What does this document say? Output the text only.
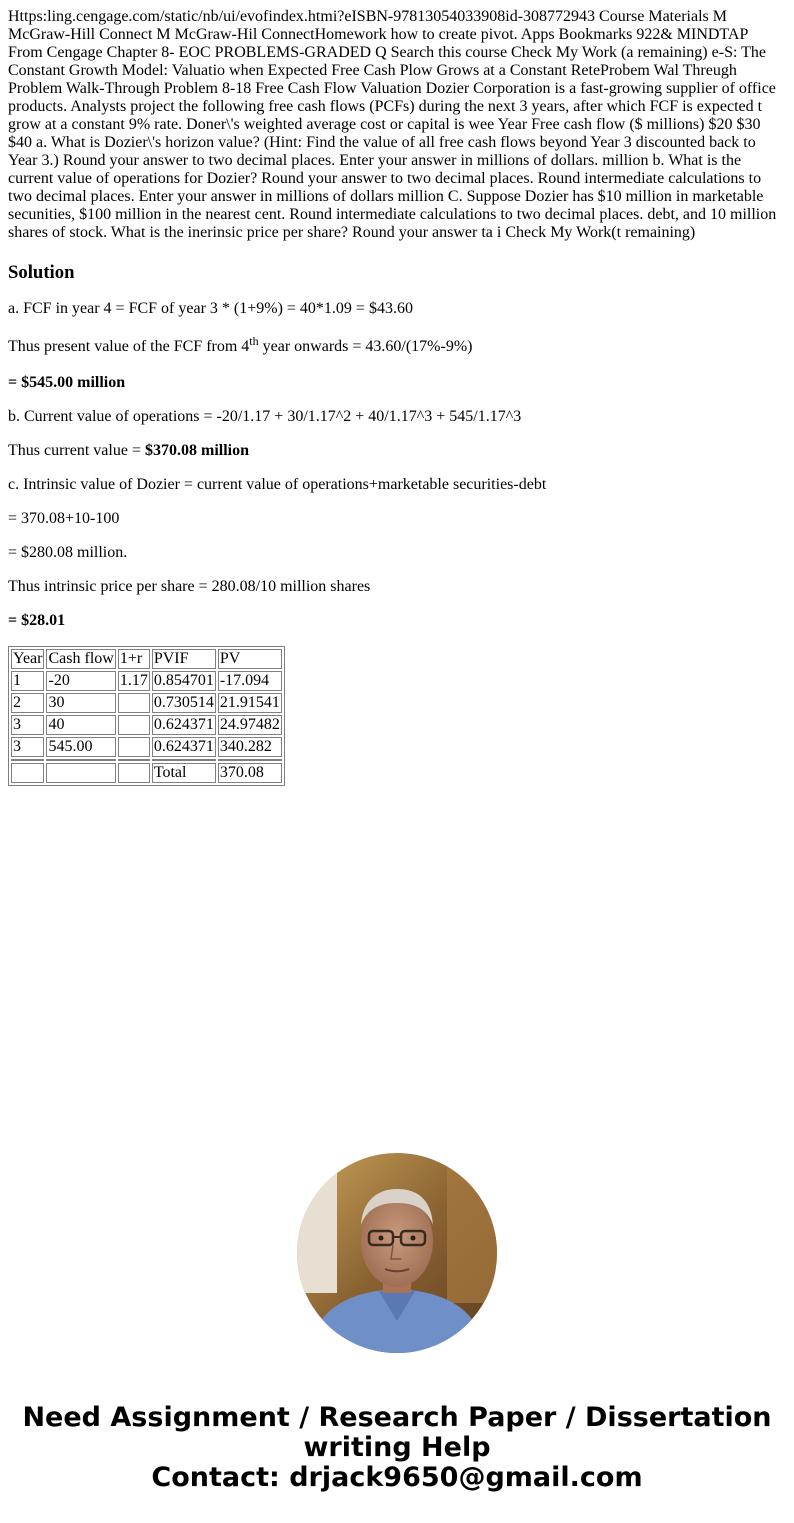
Https:ling.cengage.com/static/nb/ui/evofindex.htmi?eISBN-97813054033908id-308772943 Course Materials M McGraw-Hill Connect M McGraw-Hil ConnectHomework how to create pivot. Apps Bookmarks 922& MINDTAP From Cengage Chapter 8- EOC PROBLEMS-GRADED Q Search this course Check My Work (a remaining) e-S: The Constant Growth Model: Valuatio when Expected Free Cash Plow Grows at a Constant ReteProbem Wal Threugh Problem Walk-Through Problem 8-18 Free Cash Flow Valuation Dozier Corporation is a fast-growing supplier of office products. Analysts project the following free cash flows (PCFs) during the next 3 years, after which FCF is expected t grow at a constant 9% rate. Doner\'s weighted average cost or capital is wee Year Free cash flow ($ millions) $20 $30 $40 a. What is Dozier\'s horizon value? (Hint: Find the value of all free cash flows beyond Year 3 discounted back to Year 3.) Round your answer to two decimal places. Enter your answer in millions of dollars. million b. What is the current value of operations for Dozier? Round your answer to two decimal places. Round intermediate calculations to two decimal places. Enter your answer in millions of dollars million C. Suppose Dozier has $10 million in marketable secunities, $100 million in the nearest cent. Round intermediate calculations to two decimal places. debt, and 10 million shares of stock. What is the inerinsic price per share? Round your answer ta i Check My Work(t remaining)

Solution

a. FCF in year 4 = FCF of year 3 * (1+9%) = 40*1.09 = $43.60

Thus present value of the FCF from 4th year onwards = 43.60/(17%-9%)

= $545.00 million

b. Current value of operations = -20/1.17 + 30/1.17^2 + 40/1.17^3 + 545/1.17^3

Thus current value = $370.08 million

c. Intrinsic value of Dozier = current value of operations+marketable securities-debt

= 370.08+10-100

= $280.08 million.

Thus intrinsic price per share = 280.08/10 million shares

= $28.01

Year	Cash flow	1+r	PVIF	PV
1	-20	1.17	0.854701	-17.094
2	30		0.730514	21.91541
3	40		0.624371	24.97482
3	545.00		0.624371	340.282

			Total	370.08
Need Assignment / Research Paper / Dissertation
writing Help
Contact: drjack9650@gmail.com
